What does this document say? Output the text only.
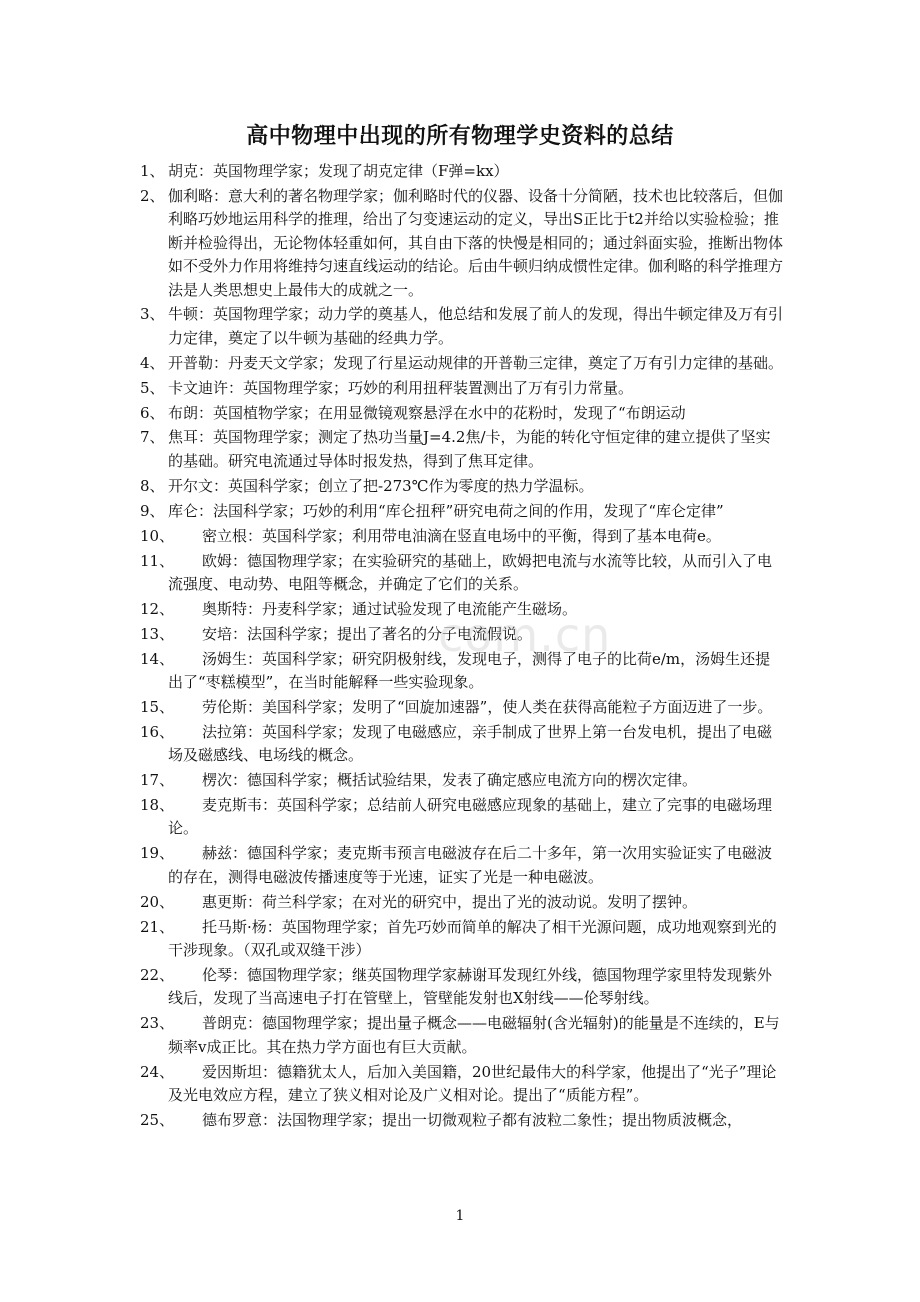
高中物理中出现的所有物理学史资料的总结
1、 胡克：英国物理学家；发现了胡克定律（F弹=kx）
2、 伽利略：意大利的著名物理学家；伽利略时代的仪器、设备十分简陋，技术也比较落后，但伽利略巧妙地运用科学的推理，给出了匀变速运动的定义，导出S正比于t2并给以实验检验；推断并检验得出，无论物体轻重如何，其自由下落的快慢是相同的；通过斜面实验，推断出物体如不受外力作用将维持匀速直线运动的结论。后由牛顿归纳成惯性定律。伽利略的科学推理方法是人类思想史上最伟大的成就之一。
3、 牛顿：英国物理学家；动力学的奠基人，他总结和发展了前人的发现，得出牛顿定律及万有引力定律，奠定了以牛顿为基础的经典力学。
4、 开普勒：丹麦天文学家；发现了行星运动规律的开普勒三定律，奠定了万有引力定律的基础。
5、 卡文迪许：英国物理学家；巧妙的利用扭秤装置测出了万有引力常量。
6、 布朗：英国植物学家；在用显微镜观察悬浮在水中的花粉时，发现了“布朗运动
7、 焦耳：英国物理学家；测定了热功当量J=4.2焦/卡，为能的转化守恒定律的建立提供了坚实的基础。研究电流通过导体时报发热，得到了焦耳定律。
8、 开尔文：英国科学家；创立了把-273℃作为零度的热力学温标。
9、 库仑：法国科学家；巧妙的利用“库仑扭秤”研究电荷之间的作用，发现了“库仑定律”
10、	密立根：英国科学家；利用带电油滴在竖直电场中的平衡，得到了基本电荷e。
11、	欧姆：德国物理学家；在实验研究的基础上，欧姆把电流与水流等比较，从而引入了电流强度、电动势、电阻等概念，并确定了它们的关系。
12、	奥斯特：丹麦科学家；通过试验发现了电流能产生磁场。
13、	安培：法国科学家；提出了著名的分子电流假说。
14、	汤姆生：英国科学家；研究阴极射线，发现电子，测得了电子的比荷e/m，汤姆生还提出了“枣糕模型”，在当时能解释一些实验现象。
15、	劳伦斯：美国科学家；发明了“回旋加速器”，使人类在获得高能粒子方面迈进了一步。
16、	法拉第：英国科学家；发现了电磁感应，亲手制成了世界上第一台发电机，提出了电磁场及磁感线、电场线的概念。
17、	楞次：德国科学家；概括试验结果，发表了确定感应电流方向的楞次定律。
18、	麦克斯韦：英国科学家；总结前人研究电磁感应现象的基础上，建立了完事的电磁场理论。
19、	赫兹：德国科学家；麦克斯韦预言电磁波存在后二十多年，第一次用实验证实了电磁波的存在，测得电磁波传播速度等于光速，证实了光是一种电磁波。
20、	惠更斯：荷兰科学家；在对光的研究中，提出了光的波动说。发明了摆钟。
21、	托马斯·杨：英国物理学家；首先巧妙而简单的解决了相干光源问题，成功地观察到光的干涉现象。（双孔或双缝干涉）
22、	伦琴：德国物理学家；继英国物理学家赫谢耳发现红外线，德国物理学家里特发现紫外线后，发现了当高速电子打在管壁上，管壁能发射也X射线——伦琴射线。
23、	普朗克：德国物理学家；提出量子概念——电磁辐射(含光辐射)的能量是不连续的，E与频率v成正比。其在热力学方面也有巨大贡献。
24、	爱因斯坦：德籍犹太人，后加入美国籍，20世纪最伟大的科学家，他提出了“光子”理论及光电效应方程，建立了狭义相对论及广义相对论。提出了“质能方程”。
25、	德布罗意：法国物理学家；提出一切微观粒子都有波粒二象性；提出物质波概念，
com.cn
1
